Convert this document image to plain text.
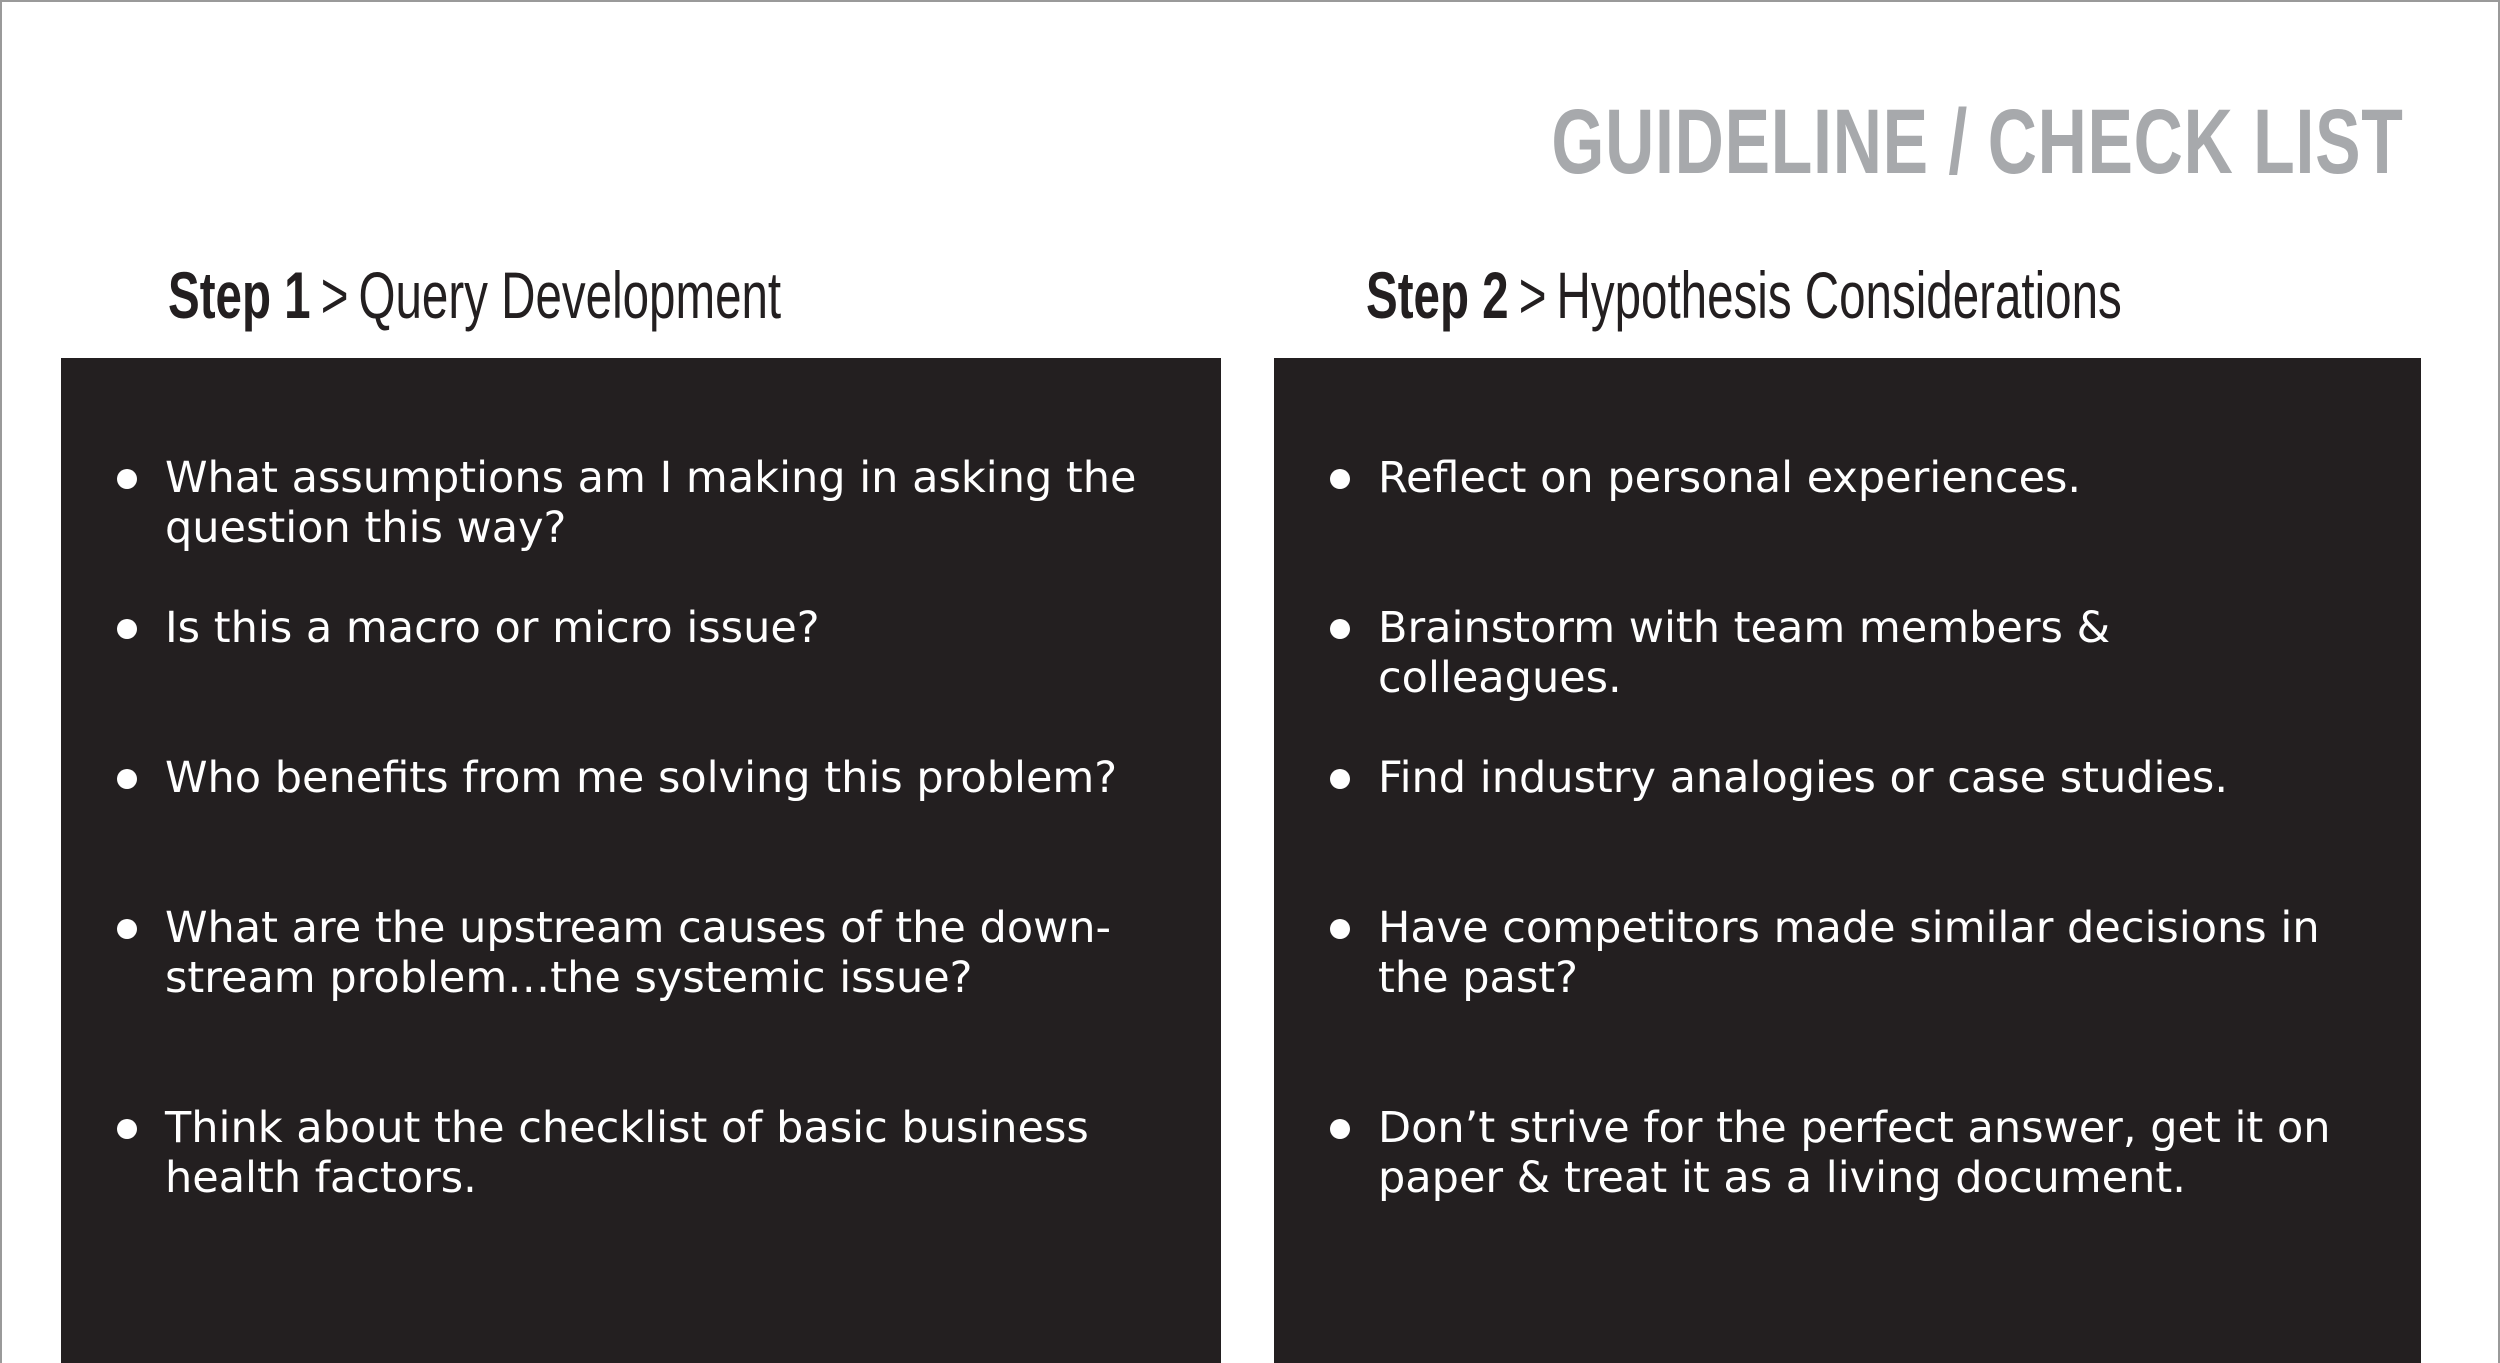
GUIDELINE / CHECK LIST
Step 1 > Query Development	Step 2 > Hypothesis Considerations
What assumptions am I making in asking the question this way?
Is this a macro or micro issue?
Who benefits from me solving this problem?
What are the upstream causes of the down-stream problem…the systemic issue?
Think about the checklist of basic business health factors.
Reflect on personal experiences.
Brainstorm with team members & colleagues.
Find industry analogies or case studies.
Have competitors made similar decisions in the past?
Don’t strive for the perfect answer, get it on paper & treat it as a living document.
